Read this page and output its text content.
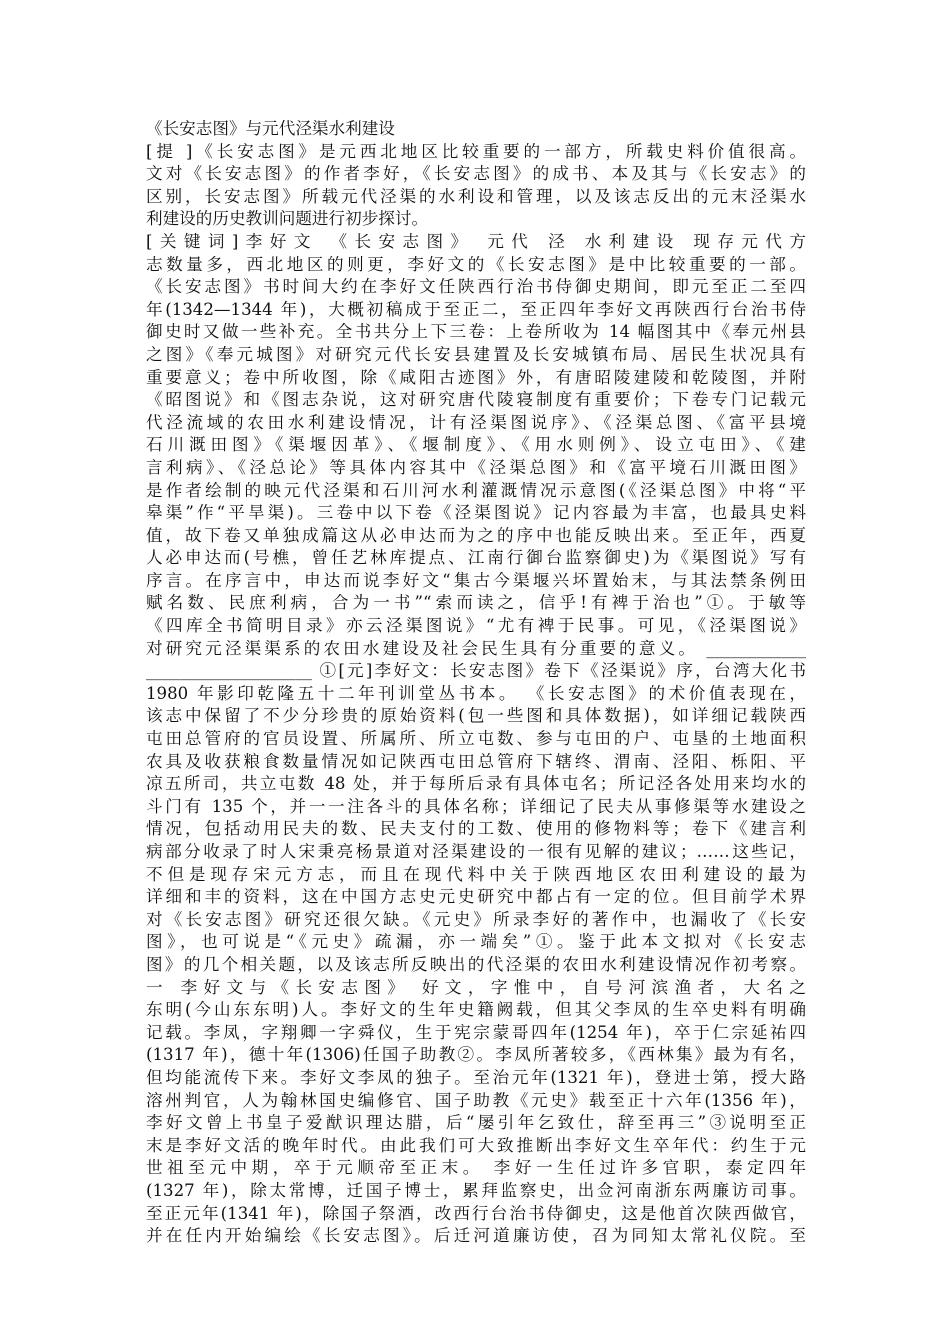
《长安志图》与元代泾渠水利建设
[提 ]《长安志图》是元西北地区比较重要的一部方，所载史料价值很高。
文对《长安志图》的作者李好，《长安志图》的成书、本及其与《长安志》的
区别，长安志图》所载元代泾渠的水利设和管理，以及该志反出的元末泾渠水
利建设的历史教训问题进行初步探讨。
[关键词]李好文 《长安志图》 元代 泾 水利建设 现存元代方
志数量多，西北地区的则更，李好文的《长安志图》是中比较重要的一部。
《长安志图》书时间大约在李好文任陕西行治书侍御史期间，即元至正二至四
年(1342—1344 年)，大概初稿成于至正二，至正四年李好文再陕西行台治书侍
御史时又做一些补充。全书共分上下三卷：上卷所收为 14 幅图其中《奉元州县
之图》《奉元城图》对研究元代长安县建置及长安城镇布局、居民生状况具有
重要意义；卷中所收图，除《咸阳古迹图》外，有唐昭陵建陵和乾陵图，并附
《昭图说》和《图志杂说，这对研究唐代陵寝制度有重要价；下卷专门记载元
代泾流域的农田水利建设情况，计有泾渠图说序》、《泾渠总图、《富平县境
石川溉田图》《渠堰因革》、《堰制度》、《用水则例》、设立屯田》、《建
言利病》、《泾总论》等具体内容其中《泾渠总图》和《富平境石川溉田图》
是作者绘制的映元代泾渠和石川河水利灌溉情况示意图(《泾渠总图》中将“平
皋渠”作“平旱渠)。三卷中以下卷《泾渠图说》记内容最为丰富，也最具史料
值，故下卷又单独成篇这从必申达而为之的序中也能反映出来。至正年，西夏
人必申达而(号樵，曾任艺林库提点、江南行御台监察御史)为《渠图说》写有
序言。在序言中，申达而说李好文“集古今渠堰兴坏置始末，与其法禁条例田
赋名数、民庶利病，合为一书”“索而读之，信乎!有裨于治也”①。于敏等
《四库全书简明目录》亦云泾渠图说》“尤有裨于民事。可见，《泾渠图说》
对研究元泾渠渠系的农田水建设及社会民生具有分重要的意义。 ____________
____________________ ①[元]李好文：长安志图》卷下《泾渠说》序，台湾大化书
1980 年影印乾隆五十二年刊训堂丛书本。 《长安志图》的术价值表现在，
该志中保留了不少分珍贵的原始资料(包一些图和具体数据)，如详细记载陕西
屯田总管府的官员设置、所属所、所立屯数、参与屯田的户、屯垦的土地面积
农具及收获粮食数量情况如记陕西屯田总管府下辖终、渭南、泾阳、栎阳、平
凉五所司，共立屯数 48 处，并于每所后录有具体屯名；所记泾各处用来均水的
斗门有 135 个，并一一注各斗的具体名称；详细记了民夫从事修渠等水建设之
情况，包括动用民夫的数、民夫支付的工数、使用的修物料等；卷下《建言利
病部分收录了时人宋秉亮杨景道对泾渠建设的一很有见解的建议；……这些记，
不但是现存宋元方志，而且在现代料中关于陕西地区农田利建设的最为
详细和丰的资料，这在中国方志史元史研究中都占有一定的位。但目前学术界
对《长安志图》研究还很欠缺。《元史》所录李好的著作中，也漏收了《长安
图》，也可说是“《元史》疏漏，亦一端矣”①。鉴于此本文拟对《长安志
图》的几个相关题，以及该志所反映出的代泾渠的农田水利建设情况作初考察。
一 李好文与《长安志图》 好文，字惟中，自号河滨渔者，大名之
东明(今山东东明)人。李好文的生年史籍阙载，但其父李凤的生卒史料有明确
记载。李凤，字翔卿一字舜仪，生于宪宗蒙哥四年(1254 年)，卒于仁宗延祐四
(1317 年)，德十年(1306)任国子助教②。李凤所著较多，《西林集》最为有名，
但均能流传下来。李好文李凤的独子。至治元年(1321 年)，登进士第，授大路
溶州判官，人为翰林国史编修官、国子助教《元史》载至正十六年(1356 年)，
李好文曾上书皇子爱猷识理达腊，后“屡引年乞致仕，辞至再三”③说明至正
末是李好文活的晚年时代。由此我们可大致推断出李好文生卒年代：约生于元
世祖至元中期，卒于元顺帝至正末。 李好一生任过许多官职，泰定四年
(1327 年)，除太常博，迁国子博士，累拜监察史，出佥河南浙东两廉访司事。
至正元年(1341 年)，除国子祭酒，改西行台治书侍御史，这是他首次陕西做官，
并在任内开始编绘《长安志图》。后迁河道廉访使，召为同知太常礼仪院。至
